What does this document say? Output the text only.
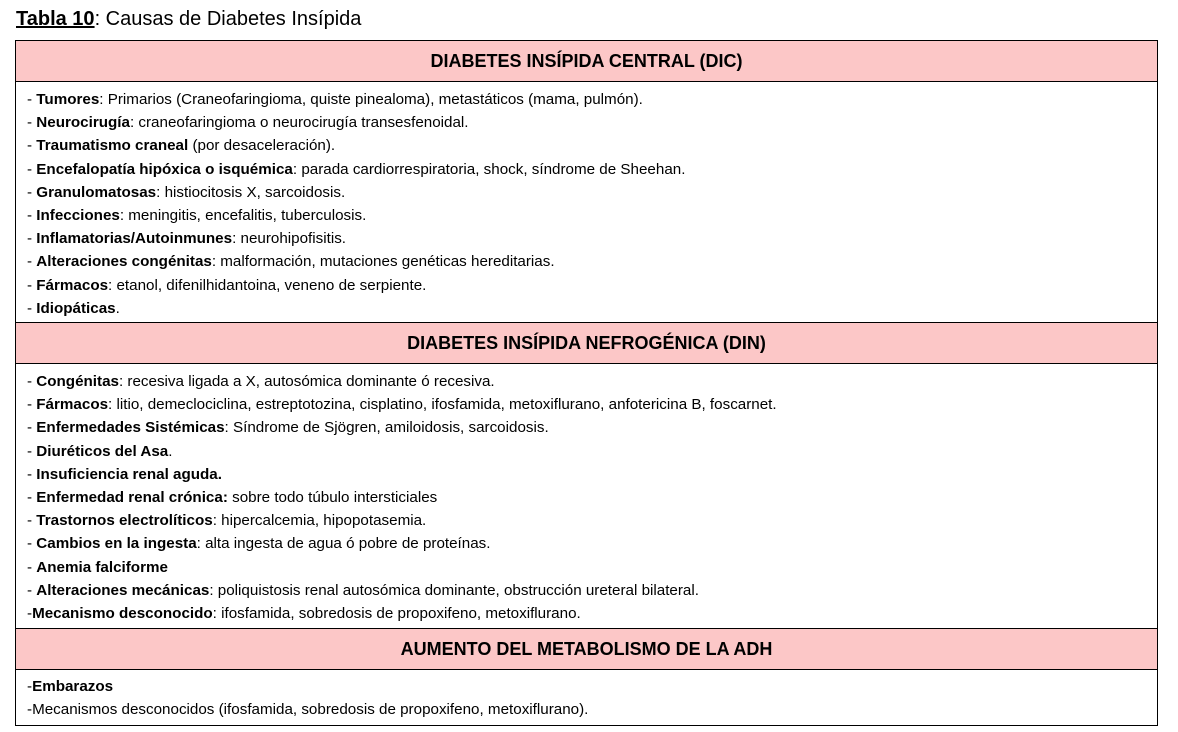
Tabla 10: Causas de Diabetes Insípida
DIABETES INSÍPIDA CENTRAL (DIC)
- Tumores: Primarios (Craneofaringioma, quiste pinealoma), metastáticos (mama, pulmón).
- Neurocirugía: craneofaringioma o neurocirugía transesfenoidal.
- Traumatismo craneal (por desaceleración).
- Encefalopatía hipóxica o isquémica: parada cardiorrespiratoria, shock, síndrome de Sheehan.
- Granulomatosas: histiocitosis X, sarcoidosis.
- Infecciones: meningitis, encefalitis, tuberculosis.
- Inflamatorias/Autoinmunes: neurohipofisitis.
- Alteraciones congénitas: malformación, mutaciones genéticas hereditarias.
- Fármacos: etanol, difenilhidantoina, veneno de serpiente.
- Idiopáticas.
DIABETES INSÍPIDA NEFROGÉNICA (DIN)
- Congénitas: recesiva ligada a X, autosómica dominante ó recesiva.
- Fármacos: litio, demeclociclina, estreptotozina, cisplatino, ifosfamida, metoxiflurano, anfotericina B, foscarnet.
- Enfermedades Sistémicas: Síndrome de Sjögren, amiloidosis, sarcoidosis.
- Diuréticos del Asa.
- Insuficiencia renal aguda.
- Enfermedad renal crónica: sobre todo túbulo intersticiales
- Trastornos electrolíticos: hipercalcemia, hipopotasemia.
- Cambios en la ingesta: alta ingesta de agua ó pobre de proteínas.
- Anemia falciforme
- Alteraciones mecánicas: poliquistosis renal autosómica dominante, obstrucción ureteral bilateral.
-Mecanismo desconocido: ifosfamida, sobredosis de propoxifeno, metoxiflurano.
AUMENTO DEL METABOLISMO DE LA ADH
-Embarazos
-Mecanismos desconocidos (ifosfamida, sobredosis de propoxifeno, metoxiflurano).
